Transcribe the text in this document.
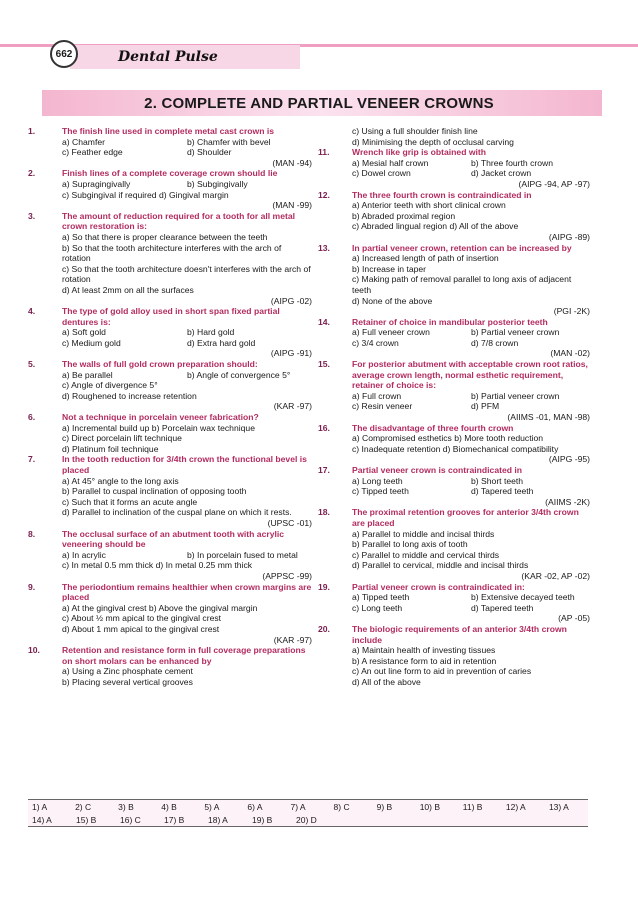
662	Dental Pulse
2. COMPLETE AND PARTIAL VENEER CROWNS
1.	The finish line used in complete metal cast crown is
a) Chamfer	b) Chamfer with bevel
c) Feather edge	d) Shoulder
(MAN -94)
2.	Finish lines of a complete coverage crown should lie
a) Supragingivally	b) Subgingivally
c) Subgingival if required d) Gingival margin
(MAN -99)
3.	The amount of reduction required for a tooth for all metal crown restoration is:
a) So that there is proper clearance between the teeth
b) So that the tooth architecture interferes with the arch of rotation
c) So that the tooth architecture doesn't interferes with the arch of rotation
d) At least 2mm on all the surfaces
(AIPG -02)
4.	The type of gold alloy used in short span fixed partial dentures is:
a) Soft gold	b) Hard gold
c) Medium gold	d) Extra hard gold
(AIPG -91)
5.	The walls of full gold crown preparation should:
a) Be parallel	b) Angle of convergence 5°
c) Angle of divergence 5°
d) Roughened to increase retention
(KAR -97)
6.	Not a technique in porcelain veneer fabrication?
a) Incremental build up b) Porcelain wax technique
c) Direct porcelain lift technique
d) Platinum foil technique
7.	In the tooth reduction for 3/4th crown the functional bevel is placed
a) At 45° angle to the long axis
b) Parallel to cuspal inclination of opposing tooth
c) Such that it forms an acute angle
d) Parallel to inclination of the cuspal plane on which it rests.
(UPSC -01)
8.	The occlusal surface of an abutment tooth with acrylic veneering should be
a) In acrylic	b) In porcelain fused to metal
c) In metal 0.5 mm thick d) In metal 0.25 mm thick
(APPSC -99)
9.	The periodontium remains healthier when crown margins are placed
a) At the gingival crest b) Above the gingival margin
c) About ½ mm apical to the gingival crest
d) About 1 mm apical to the gingival crest
(KAR -97)
10.	Retention and resistance form in full coverage preparations on short molars can be enhanced by
a) Using a Zinc phosphate cement
b) Placing several vertical grooves
c) Using a full shoulder finish line
d) Minimising the depth of occlusal carving
11.	Wrench like grip is obtained with
a) Mesial half crown	b) Three fourth crown
c) Dowel crown	d) Jacket crown
(AIPG -94, AP -97)
12.	The three fourth crown is contraindicated in
a) Anterior teeth with short clinical crown
b) Abraded proximal region
c) Abraded lingual region d) All of the above
(AIPG -89)
13.	In partial veneer crown, retention can be increased by
a) Increased length of path of insertion
b) Increase in taper
c) Making path of removal parallel to long axis of adjacent teeth
d) None of the above
(PGI -2K)
14.	Retainer of choice in mandibular posterior teeth
a) Full veneer crown	b) Partial veneer crown
c) 3/4 crown	d) 7/8 crown
(MAN -02)
15.	For posterior abutment with acceptable crown root ratios, average crown length, normal esthetic requirement, retainer of choice is:
a) Full crown	b) Partial veneer crown
c) Resin veneer	d) PFM
(AIIMS -01, MAN -98)
16.	The disadvantage of three fourth crown
a) Compromised esthetics b) More tooth reduction
c) Inadequate retention d) Biomechanical compatibility
(AIPG -95)
17.	Partial veneer crown is contraindicated in
a) Long teeth	b) Short teeth
c) Tipped teeth	d) Tapered teeth
(AIIMS -2K)
18.	The proximal retention grooves for anterior 3/4th crown are placed
a) Parallel to middle and incisal thirds
b) Parallel to long axis of tooth
c) Parallel to middle and cervical thirds
d) Parallel to cervical, middle and incisal thirds
(KAR -02, AP -02)
19.	Partial veneer crown is contraindicated in:
a) Tipped teeth	b) Extensive decayed teeth
c) Long teeth	d) Tapered teeth
(AP -05)
20.	The biologic requirements of an anterior 3/4th crown include
a) Maintain health of investing tissues
b) A resistance form to aid in retention
c) An out line form to aid in prevention of caries
d) All of the above
1) A	2) C	3) B	4) B	5) A	6) A	7) A	8) C	9) B	10) B	11) B	12) A	13) A
14) A	15) B	16) C	17) B	18) A	19) B	20) D
